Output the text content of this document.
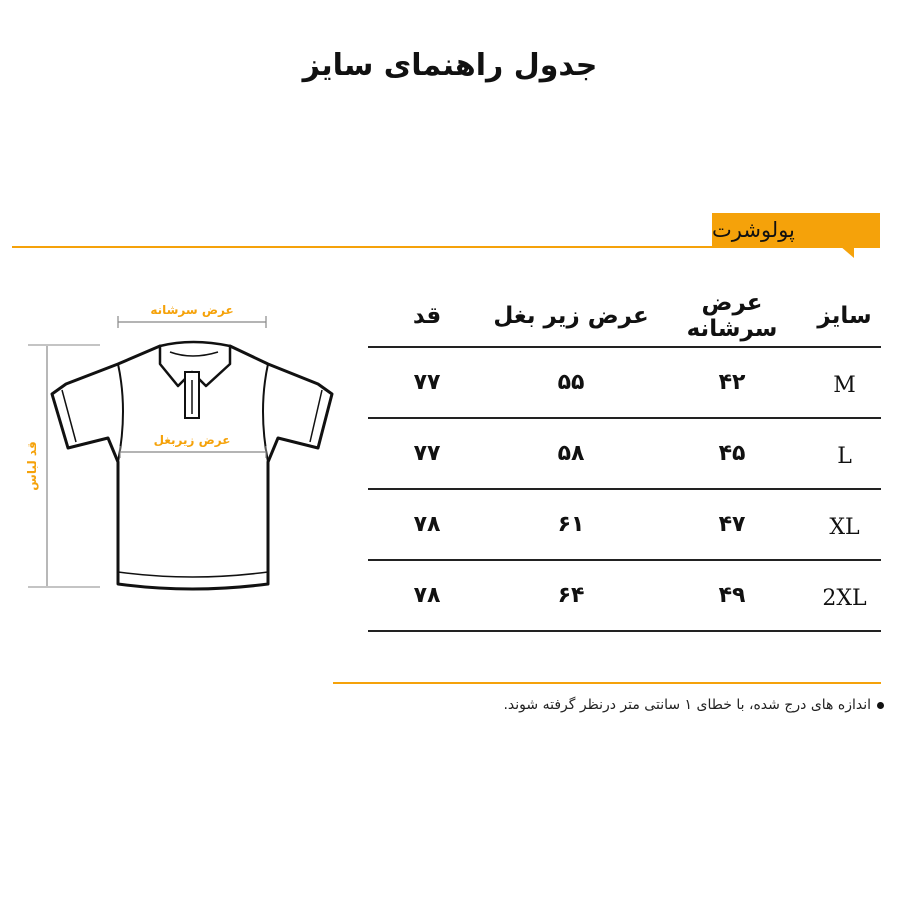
جدول راهنمای سایز
پولوشرت
عرض سرشانه
قد لباس
عرض زیربغل
قد	عرض زیر بغل	عرض سرشانه	سایز
۷۷	۵۵	۴۲	M
۷۷	۵۸	۴۵	L
۷۸	۶۱	۴۷	XL
۷۸	۶۴	۴۹	2XL
اندازه های درج شده، با خطای ۱ سانتی متر درنظر گرفته شوند.
